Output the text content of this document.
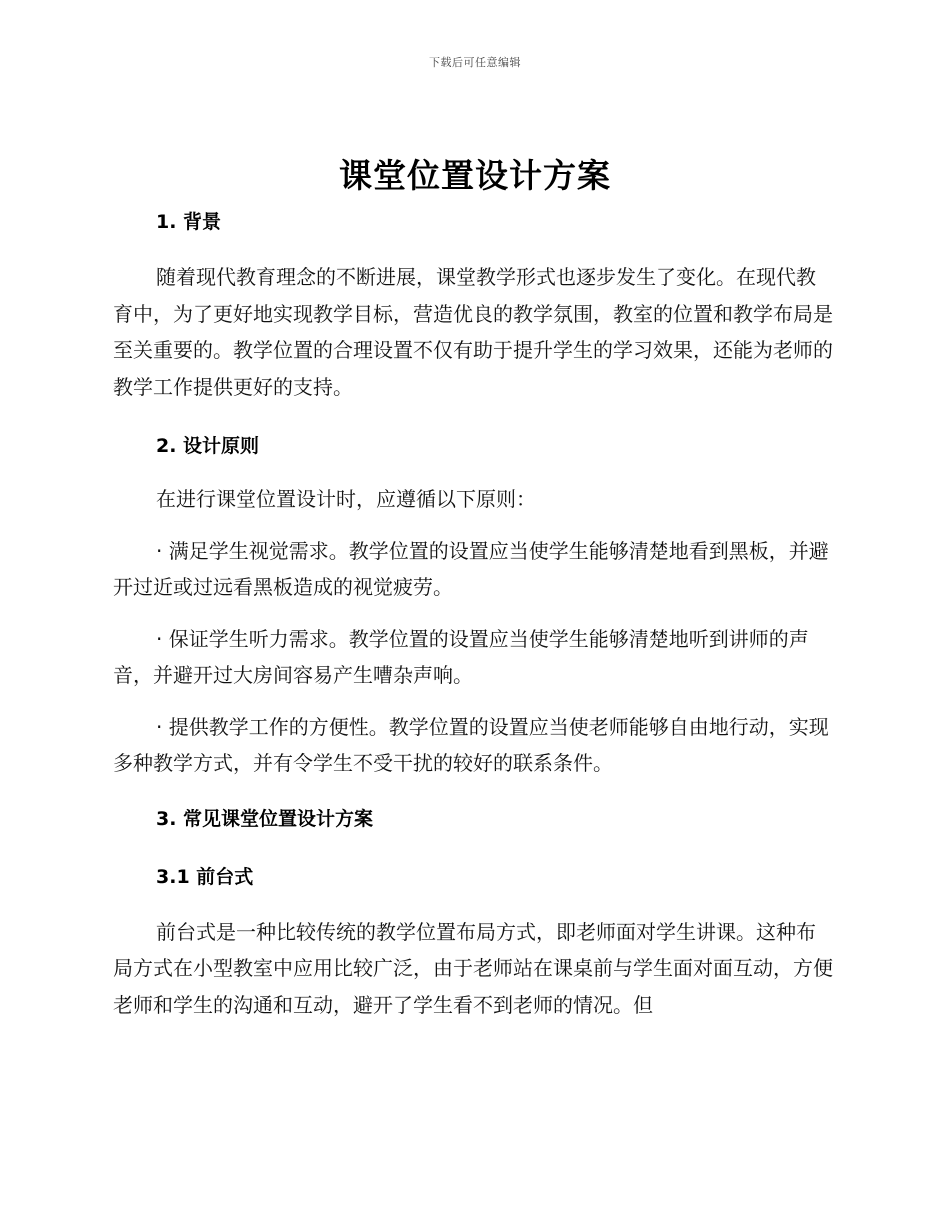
下载后可任意编辑
课堂位置设计方案

1. 背景

随着现代教育理念的不断进展，课堂教学形式也逐步发生了变化。在现代教育中，为了更好地实现教学目标，营造优良的教学氛围，教室的位置和教学布局是至关重要的。教学位置的合理设置不仅有助于提升学生的学习效果，还能为老师的教学工作提供更好的支持。

2. 设计原则

在进行课堂位置设计时，应遵循以下原则：

· 满足学生视觉需求。教学位置的设置应当使学生能够清楚地看到黑板，并避开过近或过远看黑板造成的视觉疲劳。

· 保证学生听力需求。教学位置的设置应当使学生能够清楚地听到讲师的声音，并避开过大房间容易产生嘈杂声响。

· 提供教学工作的方便性。教学位置的设置应当使老师能够自由地行动，实现多种教学方式，并有令学生不受干扰的较好的联系条件。

3. 常见课堂位置设计方案

3.1 前台式

前台式是一种比较传统的教学位置布局方式，即老师面对学生讲课。这种布局方式在小型教室中应用比较广泛，由于老师站在课桌前与学生面对面互动，方便老师和学生的沟通和互动，避开了学生看不到老师的情况。但
